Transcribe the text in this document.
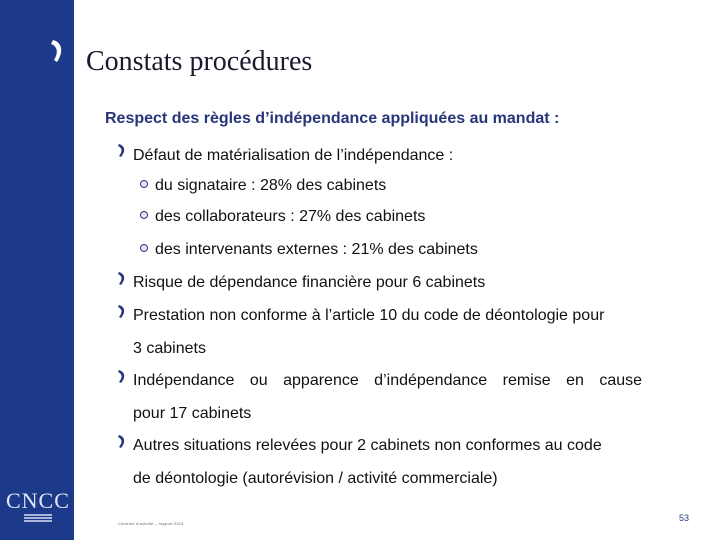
CNCC
Constats procédures
Respect des règles d’indépendance appliquées au mandat :

Défaut de matérialisation de l’indépendance :

du signataire : 28% des cabinets

des collaborateurs : 27% des cabinets

des intervenants externes : 21% des cabinets

Risque de dépendance financière pour 6 cabinets

Prestation non conforme à l’article 10 du code de déontologie pour

3 cabinets

Indépendance ou apparence d’indépendance remise en cause

pour 17 cabinets

Autres situations relevées pour 2 cabinets non conformes au code

de déontologie (autorévision / activité commerciale)

Contrôle d’activité – rapport 2014
53
